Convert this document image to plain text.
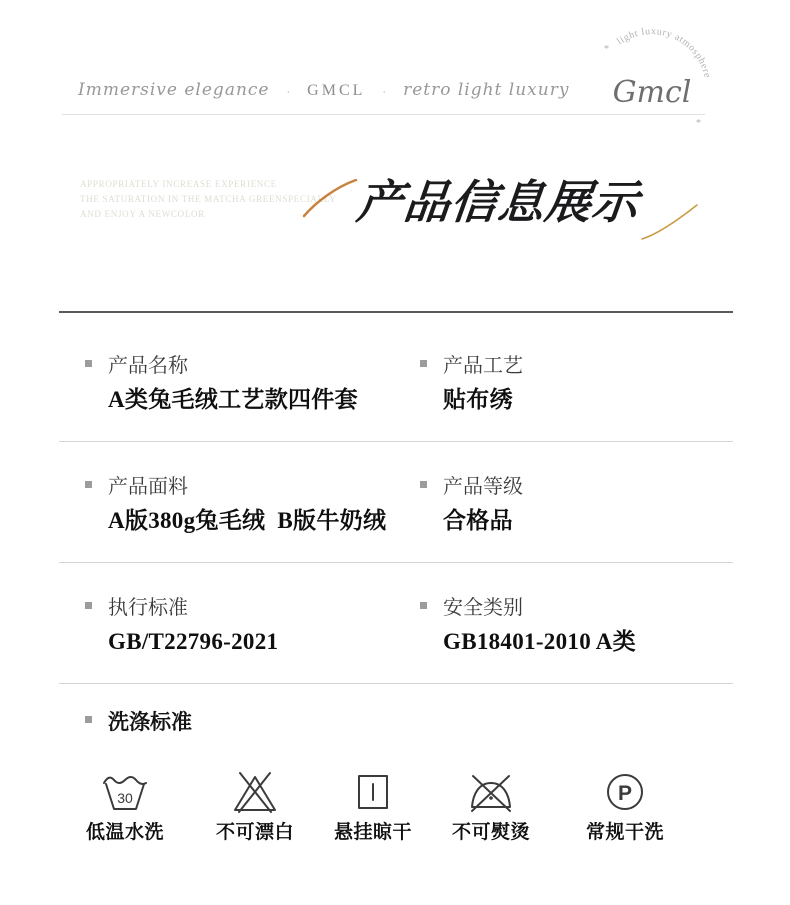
Immersive elegance · GMCL · retro light luxury
light luxury atmosphere
*
*
Gmcl
APPROPRIATELY INCREASE EXPERIENCE
THE SATURATION IN THE MATCHA GREENSPECIALLY
AND ENJOY A NEWCOLOR	产品信息展示
产品名称
A类兔毛绒工艺款四件套
产品工艺
贴布绣
产品面料
A版380g兔毛绒  B版牛奶绒
产品等级
合格品
执行标准
GB/T22796-2021
安全类别
GB18401-2010 A类
洗涤标准
30
低温水洗	不可漂白	悬挂晾干	不可熨烫
P
常规干洗
